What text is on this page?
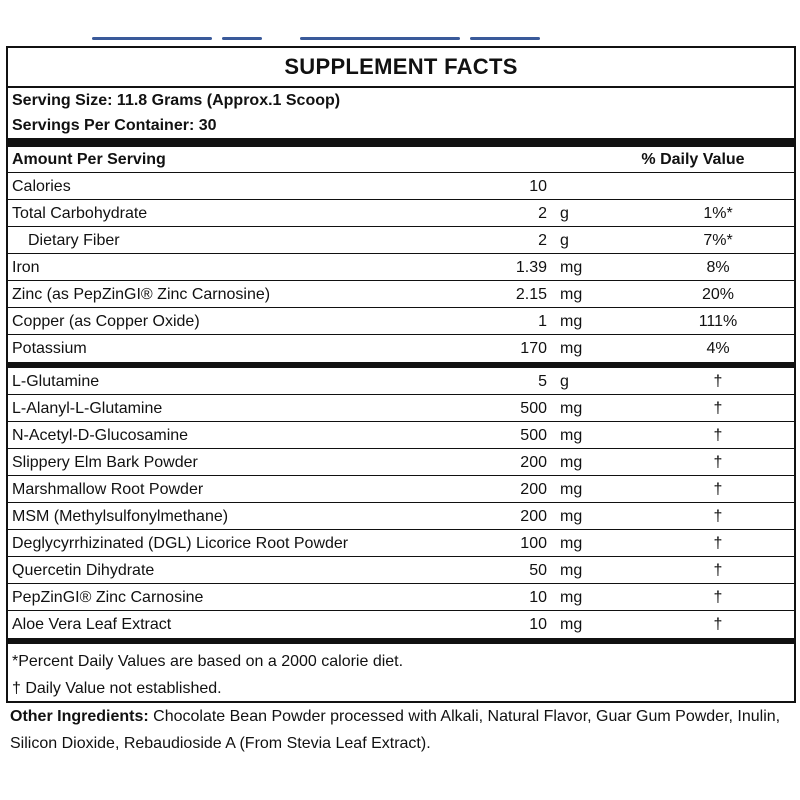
SUPPLEMENT FACTS
Serving Size: 11.8 Grams (Approx.1 Scoop)
Servings Per Container: 30
Amount Per Serving	% Daily Value
Calories	10
Total Carbohydrate	2 g	1%*
Dietary Fiber	2 g	7%*
Iron	1.39 mg	8%
Zinc (as PepZinGI® Zinc Carnosine)	2.15 mg	20%
Copper (as Copper Oxide)	1 mg	111%
Potassium	170 mg	4%
L-Glutamine	5 g	†
L-Alanyl-L-Glutamine	500 mg	†
N-Acetyl-D-Glucosamine	500 mg	†
Slippery Elm Bark Powder	200 mg	†
Marshmallow Root Powder	200 mg	†
MSM (Methylsulfonylmethane)	200 mg	†
Deglycyrrhizinated (DGL) Licorice Root Powder	100 mg	†
Quercetin Dihydrate	50 mg	†
PepZinGI® Zinc Carnosine	10 mg	†
Aloe Vera Leaf Extract	10 mg	†
*Percent Daily Values are based on a 2000 calorie diet.
† Daily Value not established.
Other Ingredients: Chocolate Bean Powder processed with Alkali, Natural Flavor, Guar Gum Powder, Inulin, Silicon Dioxide, Rebaudioside A (From Stevia Leaf Extract).
